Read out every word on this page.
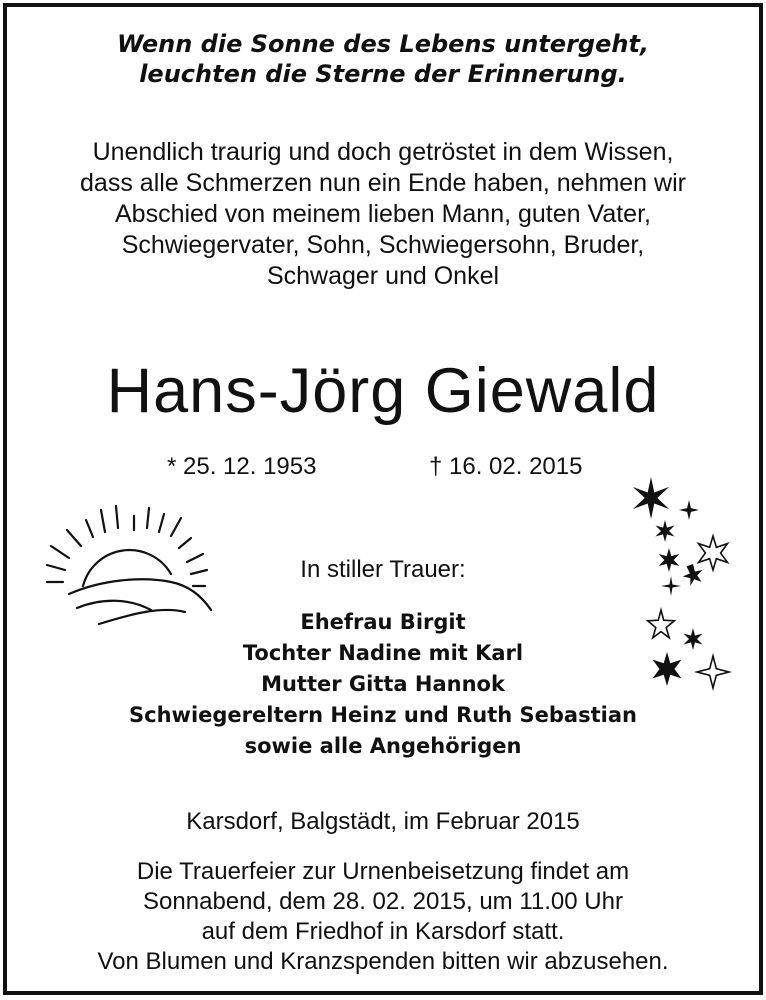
Wenn die Sonne des Lebens untergeht,
leuchten die Sterne der Erinnerung.
Unendlich traurig und doch getröstet in dem Wissen,
dass alle Schmerzen nun ein Ende haben, nehmen wir
Abschied von meinem lieben Mann, guten Vater,
Schwiegervater, Sohn, Schwiegersohn, Bruder,
Schwager und Onkel
Hans-Jörg Giewald
* 25. 12. 1953	† 16. 02. 2015
In stiller Trauer:
Ehefrau Birgit
Tochter Nadine mit Karl
Mutter Gitta Hannok
Schwiegereltern Heinz und Ruth Sebastian
sowie alle Angehörigen
Karsdorf, Balgstädt, im Februar 2015
Die Trauerfeier zur Urnenbeisetzung findet am
Sonnabend, dem 28. 02. 2015, um 11.00 Uhr
auf dem Friedhof in Karsdorf statt.
Von Blumen und Kranzspenden bitten wir abzusehen.
